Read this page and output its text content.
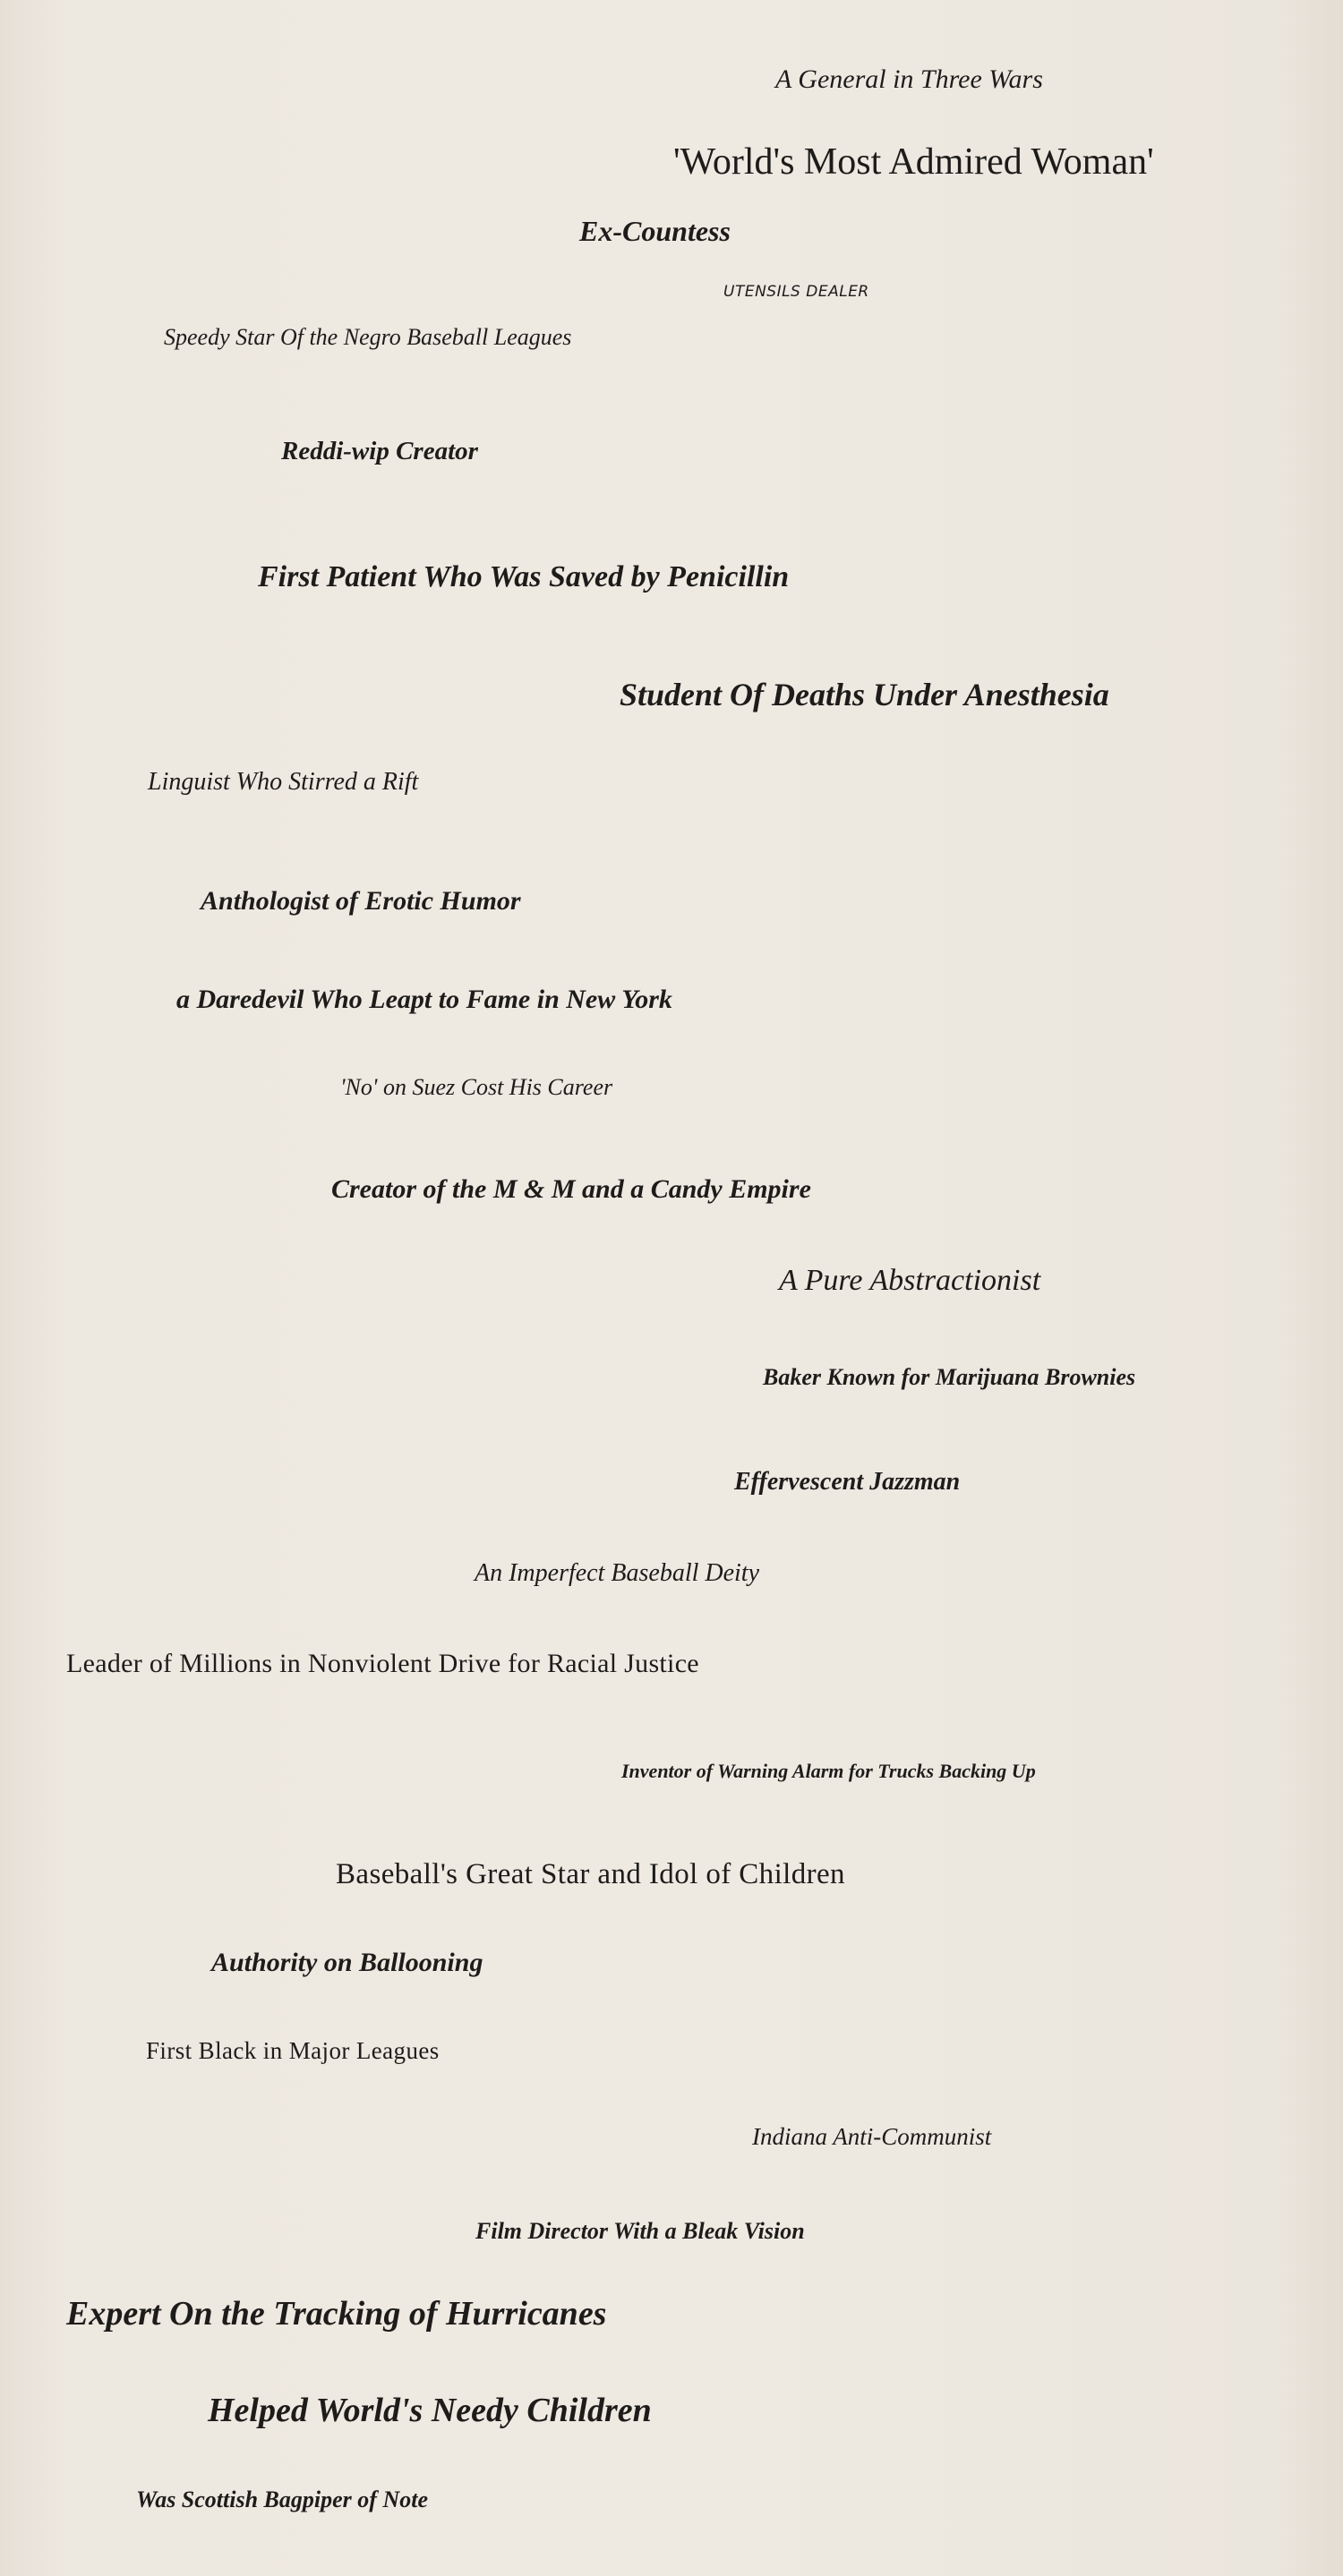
A General in Three Wars

'World's Most Admired Woman'

Ex-Countess

UTENSILS DEALER

Speedy Star Of the Negro Baseball Leagues

Reddi-wip Creator

First Patient Who Was Saved by Penicillin

Student Of Deaths Under Anesthesia

Linguist Who Stirred a Rift

Anthologist of Erotic Humor

a Daredevil Who Leapt to Fame in New York

'No' on Suez Cost His Career

Creator of the M & M and a Candy Empire

A Pure Abstractionist

Baker Known for Marijuana Brownies

Effervescent Jazzman

An Imperfect Baseball Deity

Leader of Millions in Nonviolent Drive for Racial Justice

Inventor of Warning Alarm for Trucks Backing Up

Baseball's Great Star and Idol of Children

Authority on Ballooning

First Black in Major Leagues

Indiana Anti-Communist

Film Director With a Bleak Vision

Expert On the Tracking of Hurricanes

Helped World's Needy Children

Was Scottish Bagpiper of Note
